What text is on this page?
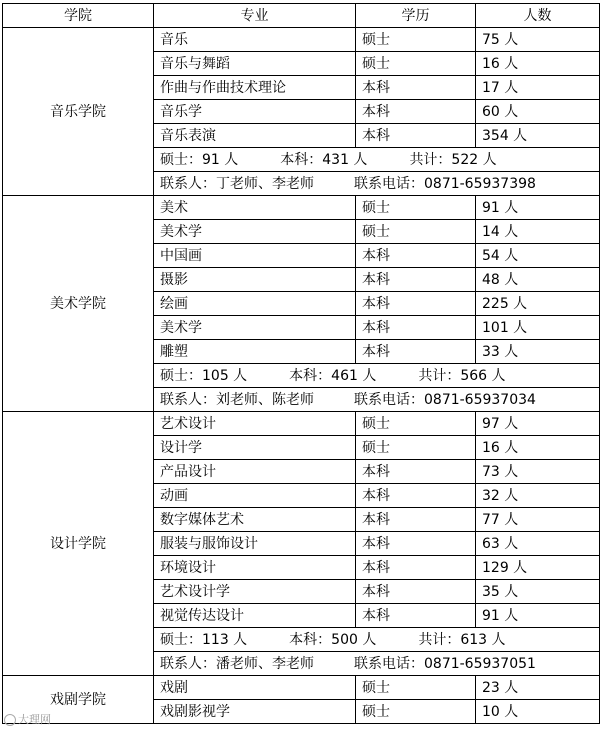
学院	专业	学历	人数
音乐学院	音乐	硕士	75 人
	音乐与舞蹈	硕士	16 人
	作曲与作曲技术理论	本科	17 人
	音乐学	本科	60 人
	音乐表演	本科	354 人
	硕士：91 人 本科：431 人 共计：522 人		
	联系人：丁老师、李老师 联系电话：0871-65937398		
美术学院	美术	硕士	91 人
	美术学	硕士	14 人
	中国画	本科	54 人
	摄影	本科	48 人
	绘画	本科	225 人
	美术学	本科	101 人
	雕塑	本科	33 人
	硕士：105 人 本科：461 人 共计：566 人		
	联系人：刘老师、陈老师 联系电话：0871-65937034		
设计学院	艺术设计	硕士	97 人
	设计学	硕士	16 人
	产品设计	本科	73 人
	动画	本科	32 人
	数字媒体艺术	本科	77 人
	服装与服饰设计	本科	63 人
	环境设计	本科	129 人
	艺术设计学	本科	35 人
	视觉传达设计	本科	91 人
	硕士：113 人 本科：500 人 共计：613 人		
	联系人：潘老师、李老师 联系电话：0871-65937051		
戏剧学院	戏剧	硕士	23 人
	戏剧影视学	硕士	10 人
大理网
